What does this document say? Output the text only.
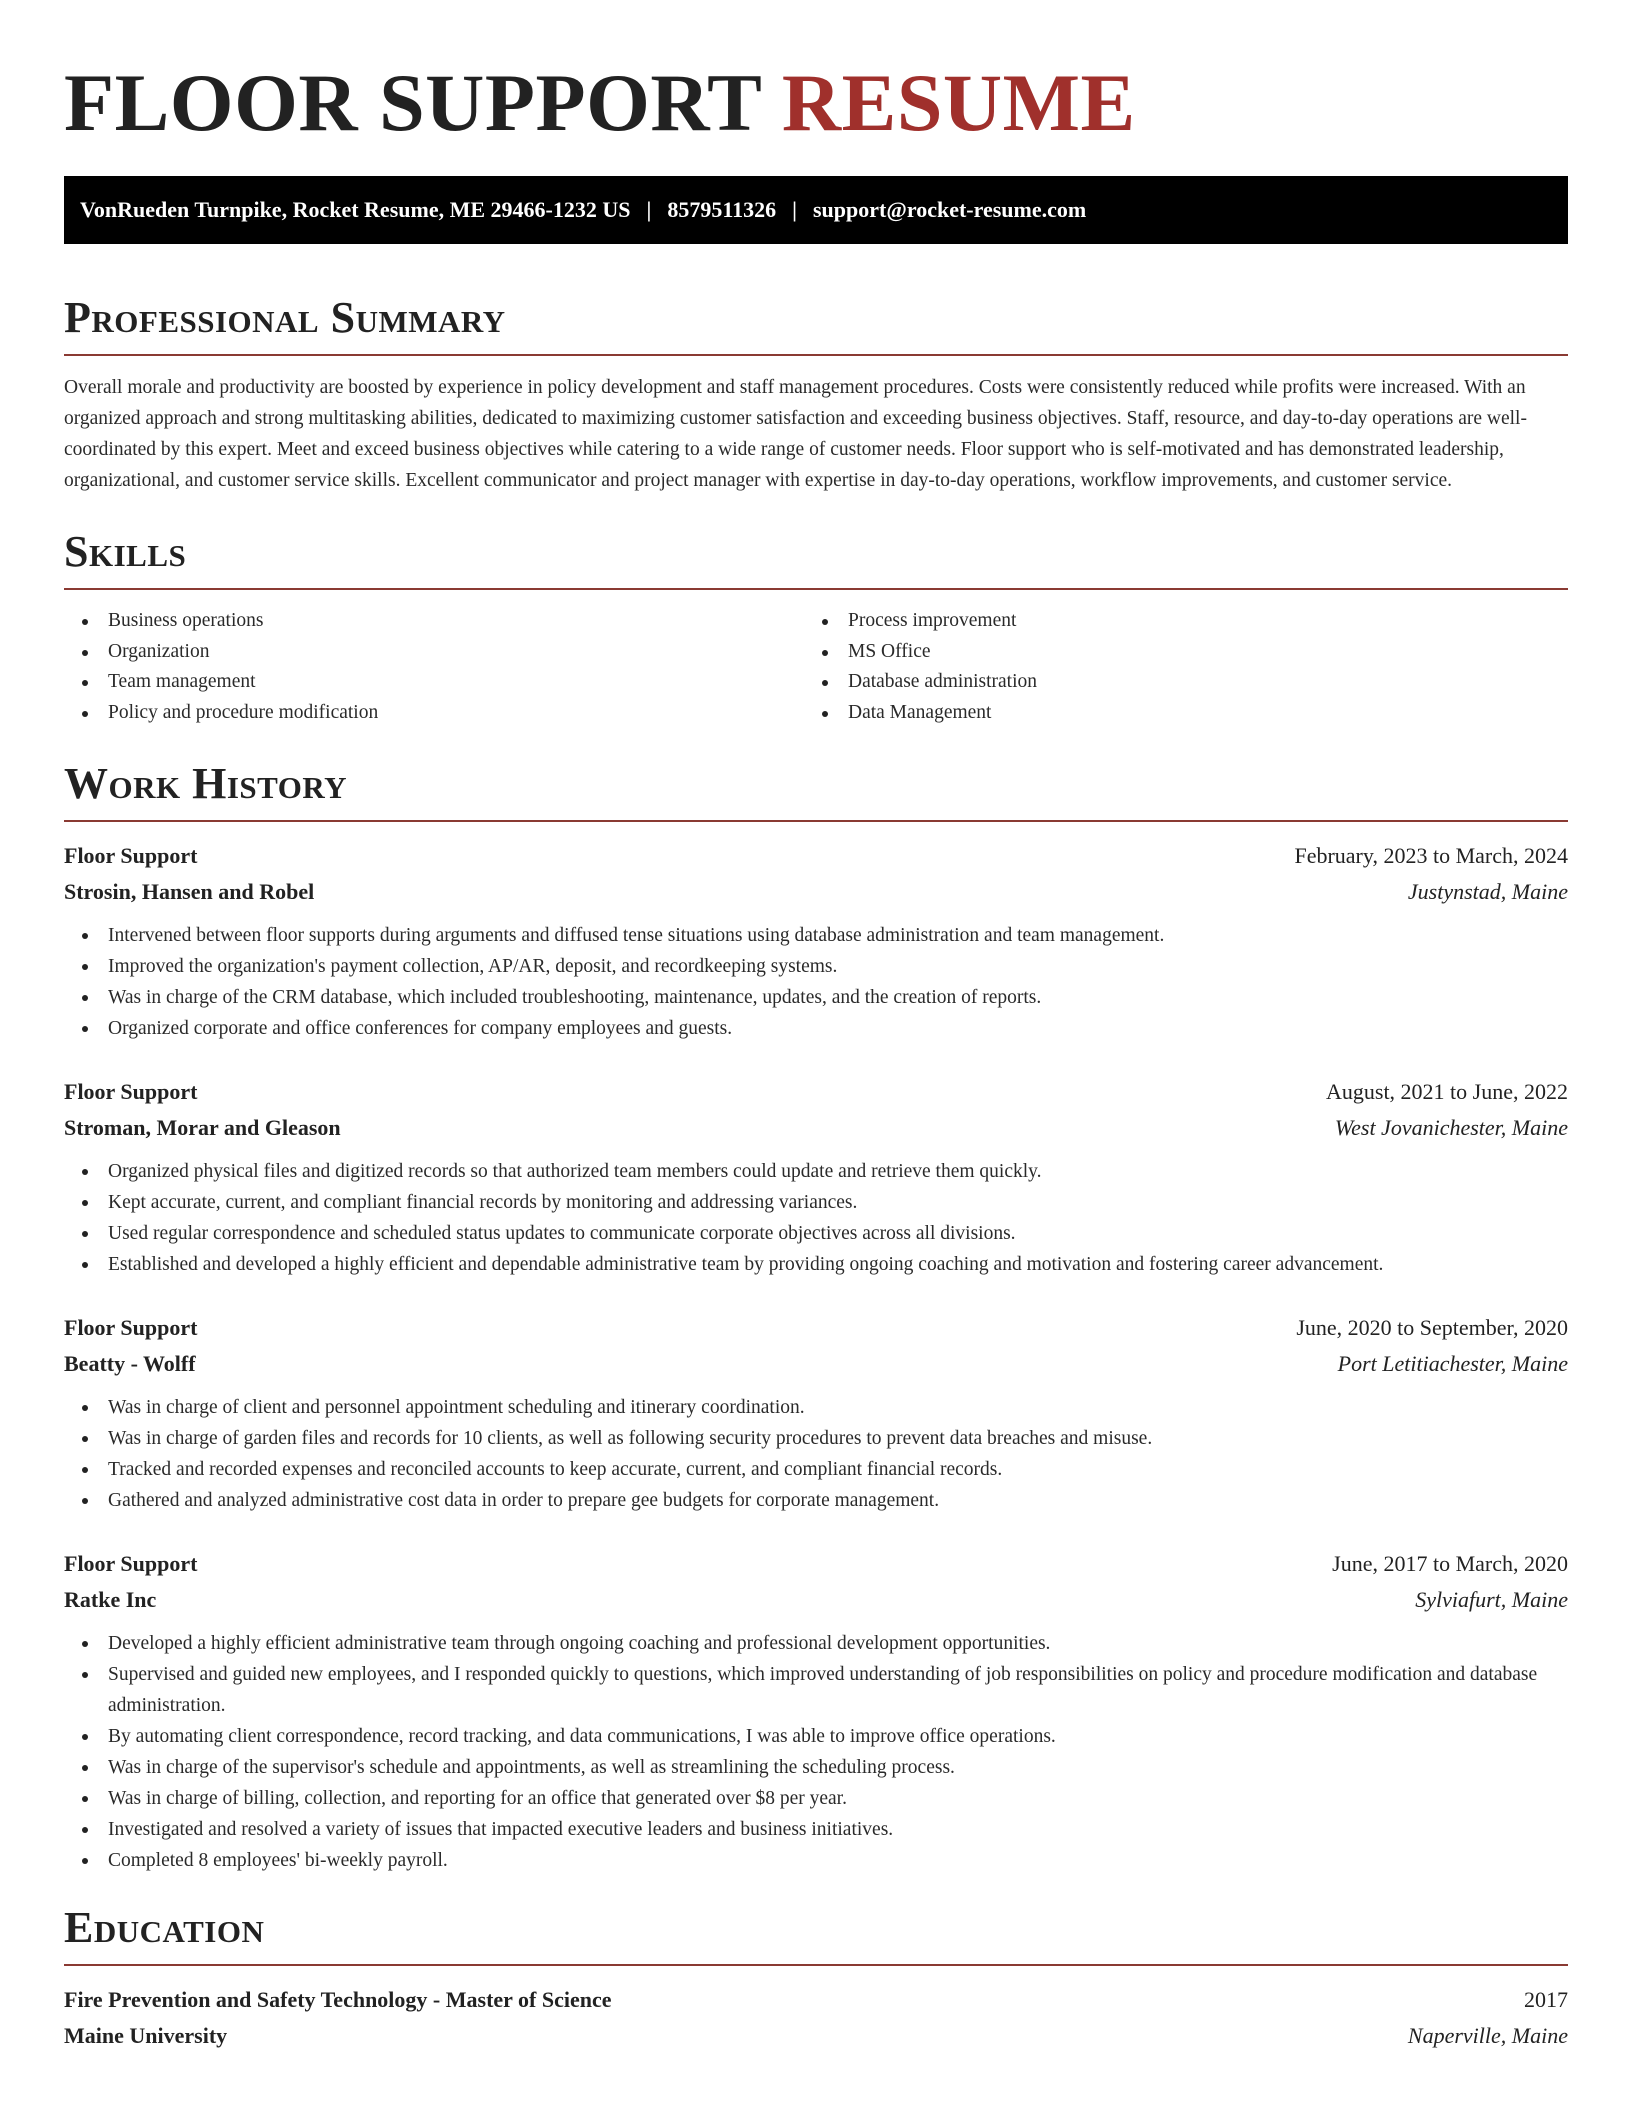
FLOOR SUPPORT RESUME
VonRueden Turnpike, Rocket Resume, ME 29466-1232 US | 8579511326 | support@rocket-resume.com
Professional Summary

Overall morale and productivity are boosted by experience in policy development and staff management procedures. Costs were consistently reduced while profits were increased. With an organized approach and strong multitasking abilities, dedicated to maximizing customer satisfaction and exceeding business objectives. Staff, resource, and day-to-day operations are well-coordinated by this expert. Meet and exceed business objectives while catering to a wide range of customer needs. Floor support who is self-motivated and has demonstrated leadership, organizational, and customer service skills. Excellent communicator and project manager with expertise in day-to-day operations, workflow improvements, and customer service.

Skills
Business operations
Organization
Team management
Policy and procedure modification
Process improvement
MS Office
Database administration
Data Management
Work History
Floor Support	February, 2023 to March, 2024
Strosin, Hansen and Robel	Justynstad, Maine
Intervened between floor supports during arguments and diffused tense situations using database administration and team management.
Improved the organization's payment collection, AP/AR, deposit, and recordkeeping systems.
Was in charge of the CRM database, which included troubleshooting, maintenance, updates, and the creation of reports.
Organized corporate and office conferences for company employees and guests.
Floor Support	August, 2021 to June, 2022
Stroman, Morar and Gleason	West Jovanichester, Maine
Organized physical files and digitized records so that authorized team members could update and retrieve them quickly.
Kept accurate, current, and compliant financial records by monitoring and addressing variances.
Used regular correspondence and scheduled status updates to communicate corporate objectives across all divisions.
Established and developed a highly efficient and dependable administrative team by providing ongoing coaching and motivation and fostering career advancement.
Floor Support	June, 2020 to September, 2020
Beatty - Wolff	Port Letitiachester, Maine
Was in charge of client and personnel appointment scheduling and itinerary coordination.
Was in charge of garden files and records for 10 clients, as well as following security procedures to prevent data breaches and misuse.
Tracked and recorded expenses and reconciled accounts to keep accurate, current, and compliant financial records.
Gathered and analyzed administrative cost data in order to prepare gee budgets for corporate management.
Floor Support	June, 2017 to March, 2020
Ratke Inc	Sylviafurt, Maine
Developed a highly efficient administrative team through ongoing coaching and professional development opportunities.
Supervised and guided new employees, and I responded quickly to questions, which improved understanding of job responsibilities on policy and procedure modification and database administration.
By automating client correspondence, record tracking, and data communications, I was able to improve office operations.
Was in charge of the supervisor's schedule and appointments, as well as streamlining the scheduling process.
Was in charge of billing, collection, and reporting for an office that generated over $8 per year.
Investigated and resolved a variety of issues that impacted executive leaders and business initiatives.
Completed 8 employees' bi-weekly payroll.
Education
Fire Prevention and Safety Technology - Master of Science	2017
Maine University	Naperville, Maine
